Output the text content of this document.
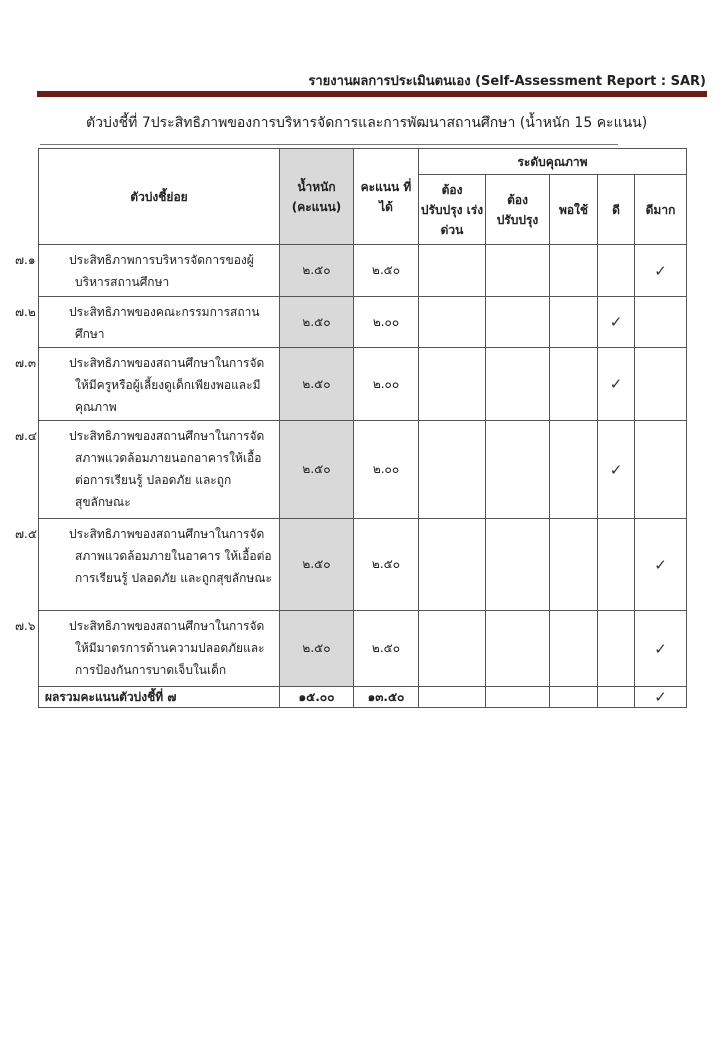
รายงานผลการประเมินตนเอง (Self-Assessment Report : SAR)
ตัวบ่งชี้ที่ 7ประสิทธิภาพของการบริหารจัดการและการพัฒนาสถานศึกษา (น้ำหนัก 15 คะแนน)
ตัวบ่งชี้ย่อย	น้ำหนัก (คะแนน)	คะแนน ที่ได้	ระดับคุณภาพ				
			ต้อง ปรับปรุง เร่งด่วน	ต้อง ปรับปรุง	พอใช้	ดี	ดีมาก

๗.๑ ประสิทธิภาพการบริหารจัดการของผู้บริหารสถานศึกษา	๒.๕๐	๒.๕๐					✓

๗.๒ ประสิทธิภาพของคณะกรรมการสถานศึกษา	๒.๕๐	๒.๐๐				✓	

๗.๓ ประสิทธิภาพของสถานศึกษาในการจัดให้มีครูหรือผู้เลี้ยงดูเด็กเพียงพอและมีคุณภาพ	๒.๕๐	๒.๐๐				✓	

๗.๔ ประสิทธิภาพของสถานศึกษาในการจัดสภาพแวดล้อมภายนอกอาคารให้เอื้อต่อการเรียนรู้ ปลอดภัย และถูกสุขลักษณะ	๒.๕๐	๒.๐๐				✓	

๗.๕ ประสิทธิภาพของสถานศึกษาในการจัดสภาพแวดล้อมภายในอาคาร ให้เอื้อต่อการเรียนรู้ ปลอดภัย และถูกสุขลักษณะ	๒.๕๐	๒.๕๐					✓

๗.๖ ประสิทธิภาพของสถานศึกษาในการจัดให้มีมาตรการด้านความปลอดภัยและการป้องกันการบาดเจ็บในเด็ก	๒.๕๐	๒.๕๐					✓
ผลรวมคะแนนตัวบ่งชี้ที่ ๗	๑๕.๐๐	๑๓.๕๐					✓
